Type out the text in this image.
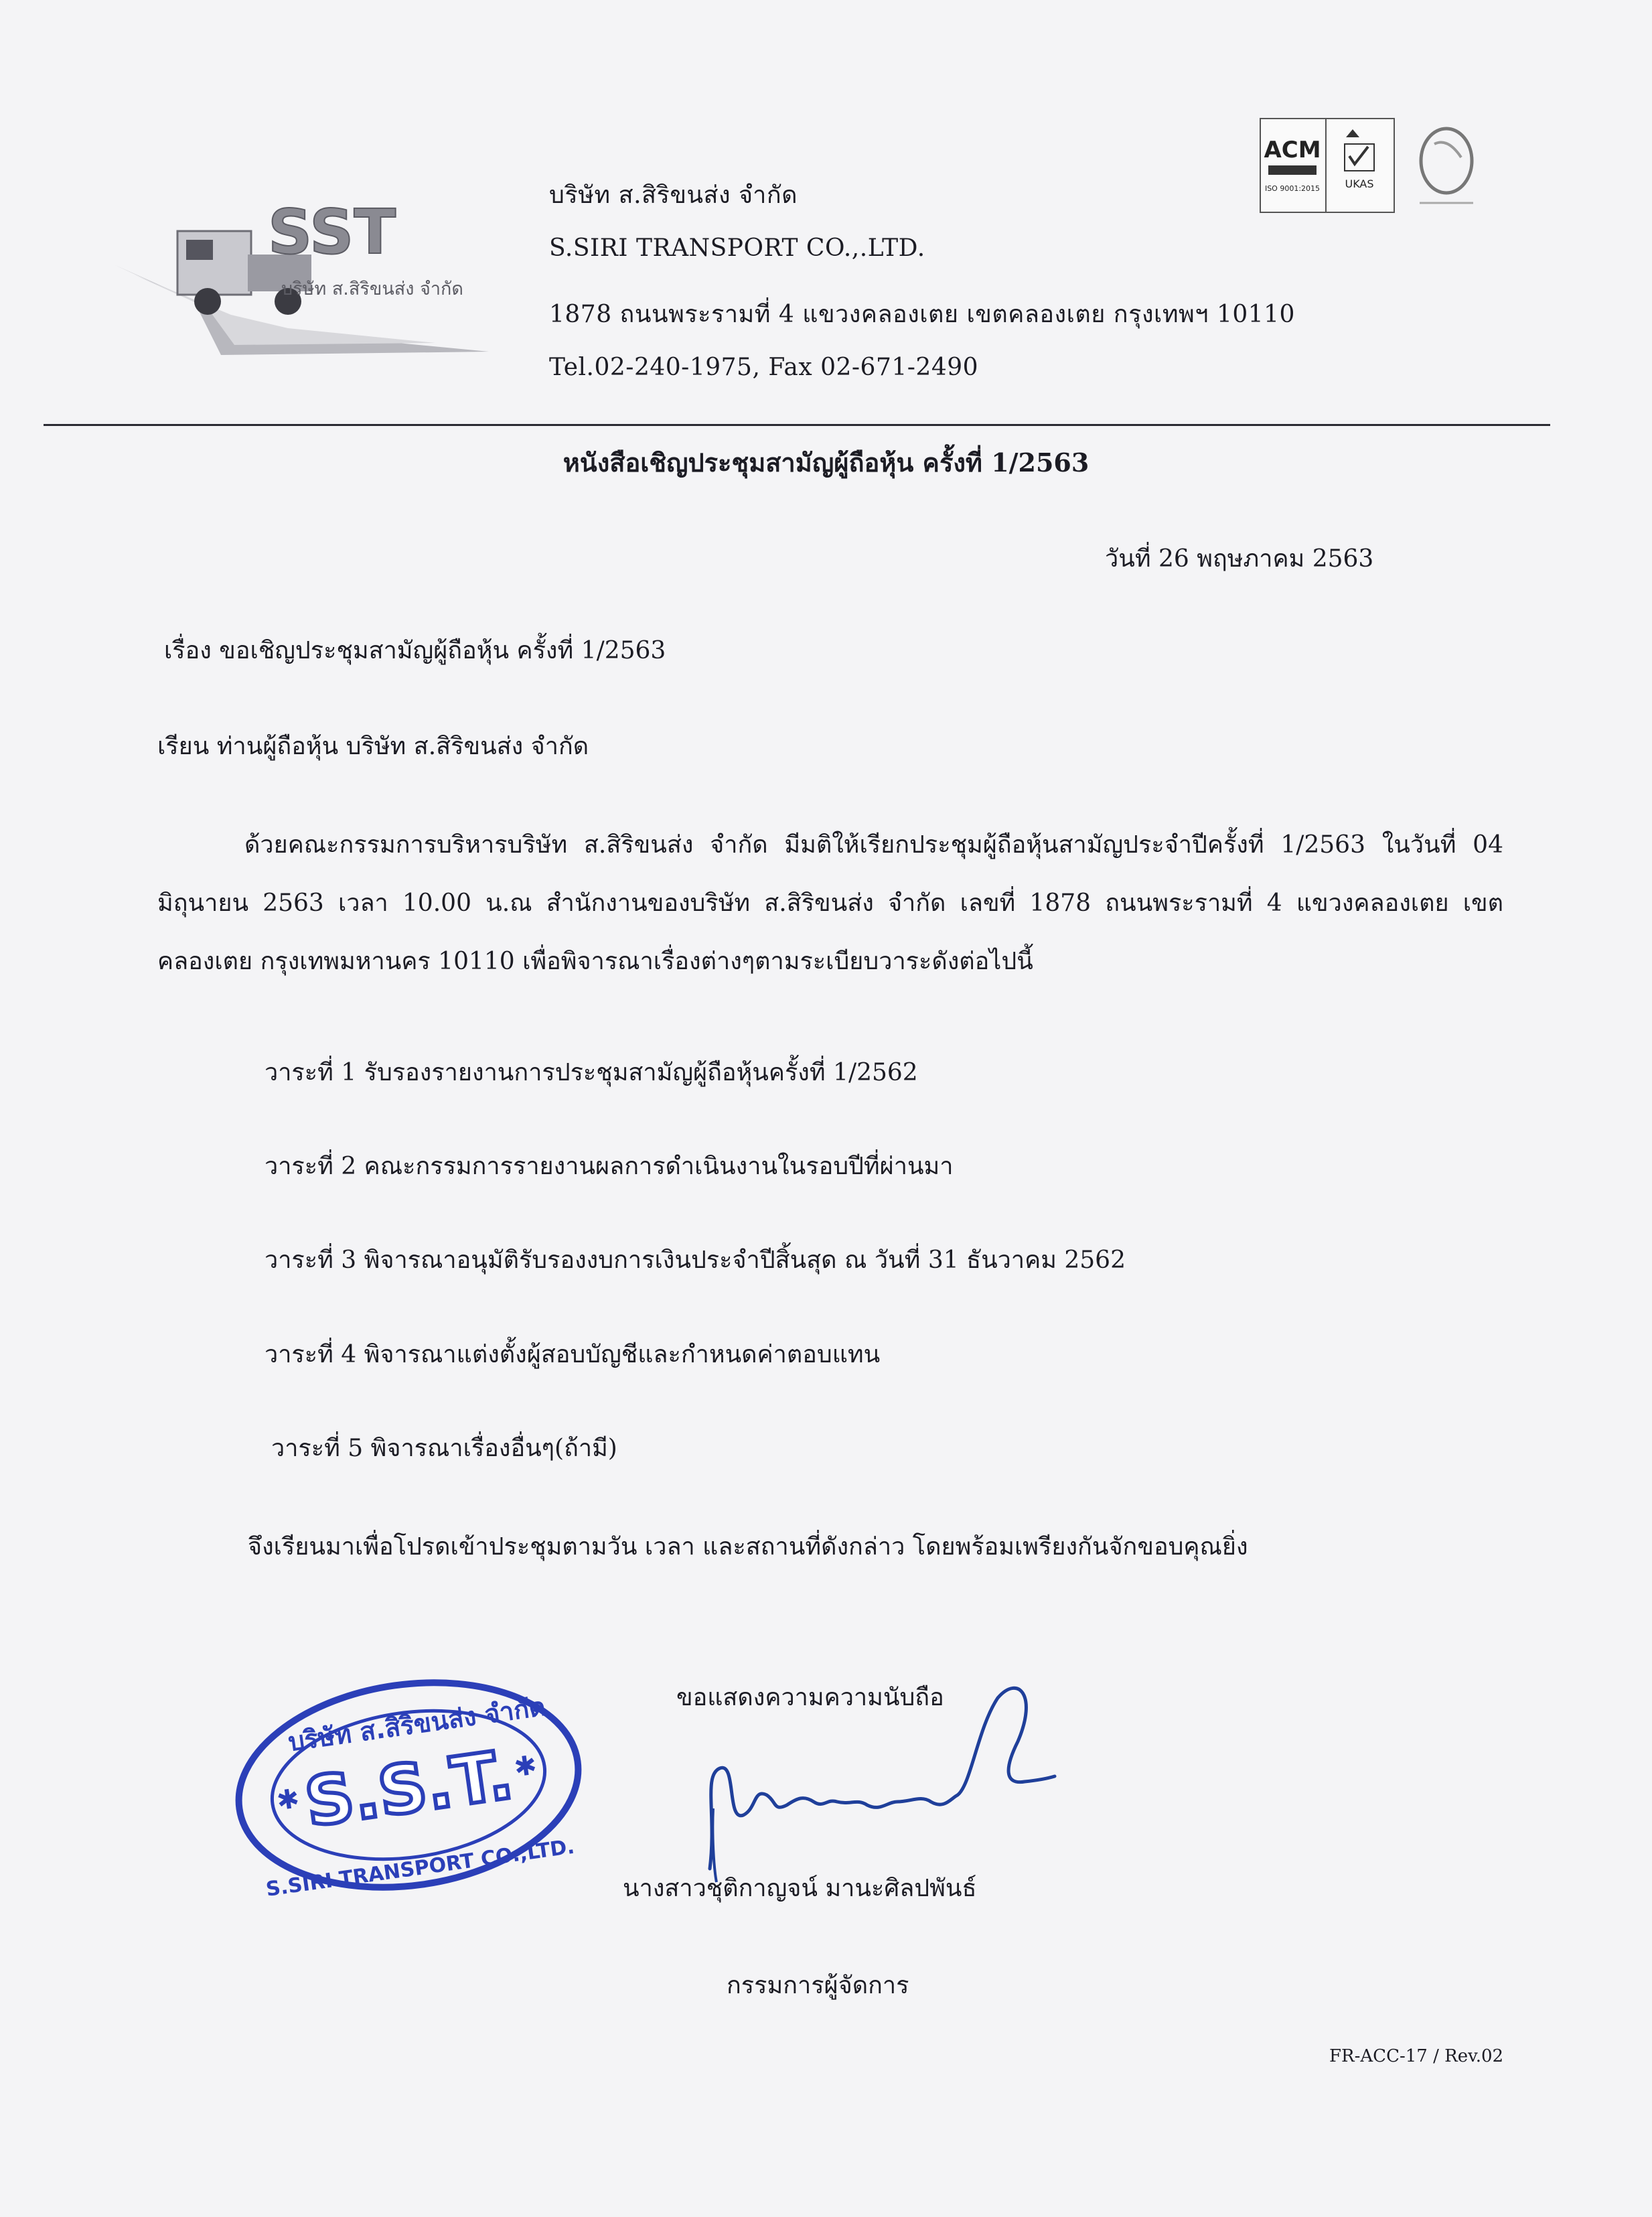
SST
บริษัท ส.สิริขนส่ง จำกัด
บริษัท ส.สิริขนส่ง จำกัด
S.SIRI TRANSPORT CO.,.LTD.
1878 ถนนพระรามที่ 4 แขวงคลองเตย เขตคลองเตย กรุงเทพฯ 10110
Tel.02-240-1975, Fax 02-671-2490
ACM
ISO 9001:2015 UKAS
หนังสือเชิญประชุมสามัญผู้ถือหุ้น ครั้งที่ 1/2563
วันที่ 26 พฤษภาคม 2563
เรื่อง ขอเชิญประชุมสามัญผู้ถือหุ้น ครั้งที่ 1/2563
เรียน ท่านผู้ถือหุ้น บริษัท ส.สิริขนส่ง จำกัด
ด้วยคณะกรรมการบริหารบริษัท ส.สิริขนส่ง จำกัด มีมติให้เรียกประชุมผู้ถือหุ้นสามัญประจำปีครั้งที่ 1/2563 ในวันที่ 04 มิถุนายน 2563 เวลา 10.00 น.ณ สำนักงานของบริษัท ส.สิริขนส่ง จำกัด เลขที่ 1878 ถนนพระรามที่ 4 แขวงคลองเตย เขตคลองเตย กรุงเทพมหานคร 10110 เพื่อพิจารณาเรื่องต่างๆตามระเบียบวาระดังต่อไปนี้
วาระที่ 1 รับรองรายงานการประชุมสามัญผู้ถือหุ้นครั้งที่ 1/2562
วาระที่ 2 คณะกรรมการรายงานผลการดำเนินงานในรอบปีที่ผ่านมา
วาระที่ 3 พิจารณาอนุมัติรับรองงบการเงินประจำปีสิ้นสุด ณ วันที่ 31 ธันวาคม 2562
วาระที่ 4 พิจารณาแต่งตั้งผู้สอบบัญชีและกำหนดค่าตอบแทน
วาระที่ 5 พิจารณาเรื่องอื่นๆ(ถ้ามี)
จึงเรียนมาเพื่อโปรดเข้าประชุมตามวัน เวลา และสถานที่ดังกล่าว โดยพร้อมเพรียงกันจักขอบคุณยิ่ง
บริษัท ส.สิริขนส่ง จำกัด
S.S.T.
S.SIRI TRANSPORT CO.,LTD.
✱
✱
ขอแสดงความความนับถือ
นางสาวชุติกาญจน์ มานะศิลปพันธ์
กรรมการผู้จัดการ
FR-ACC-17 / Rev.02
